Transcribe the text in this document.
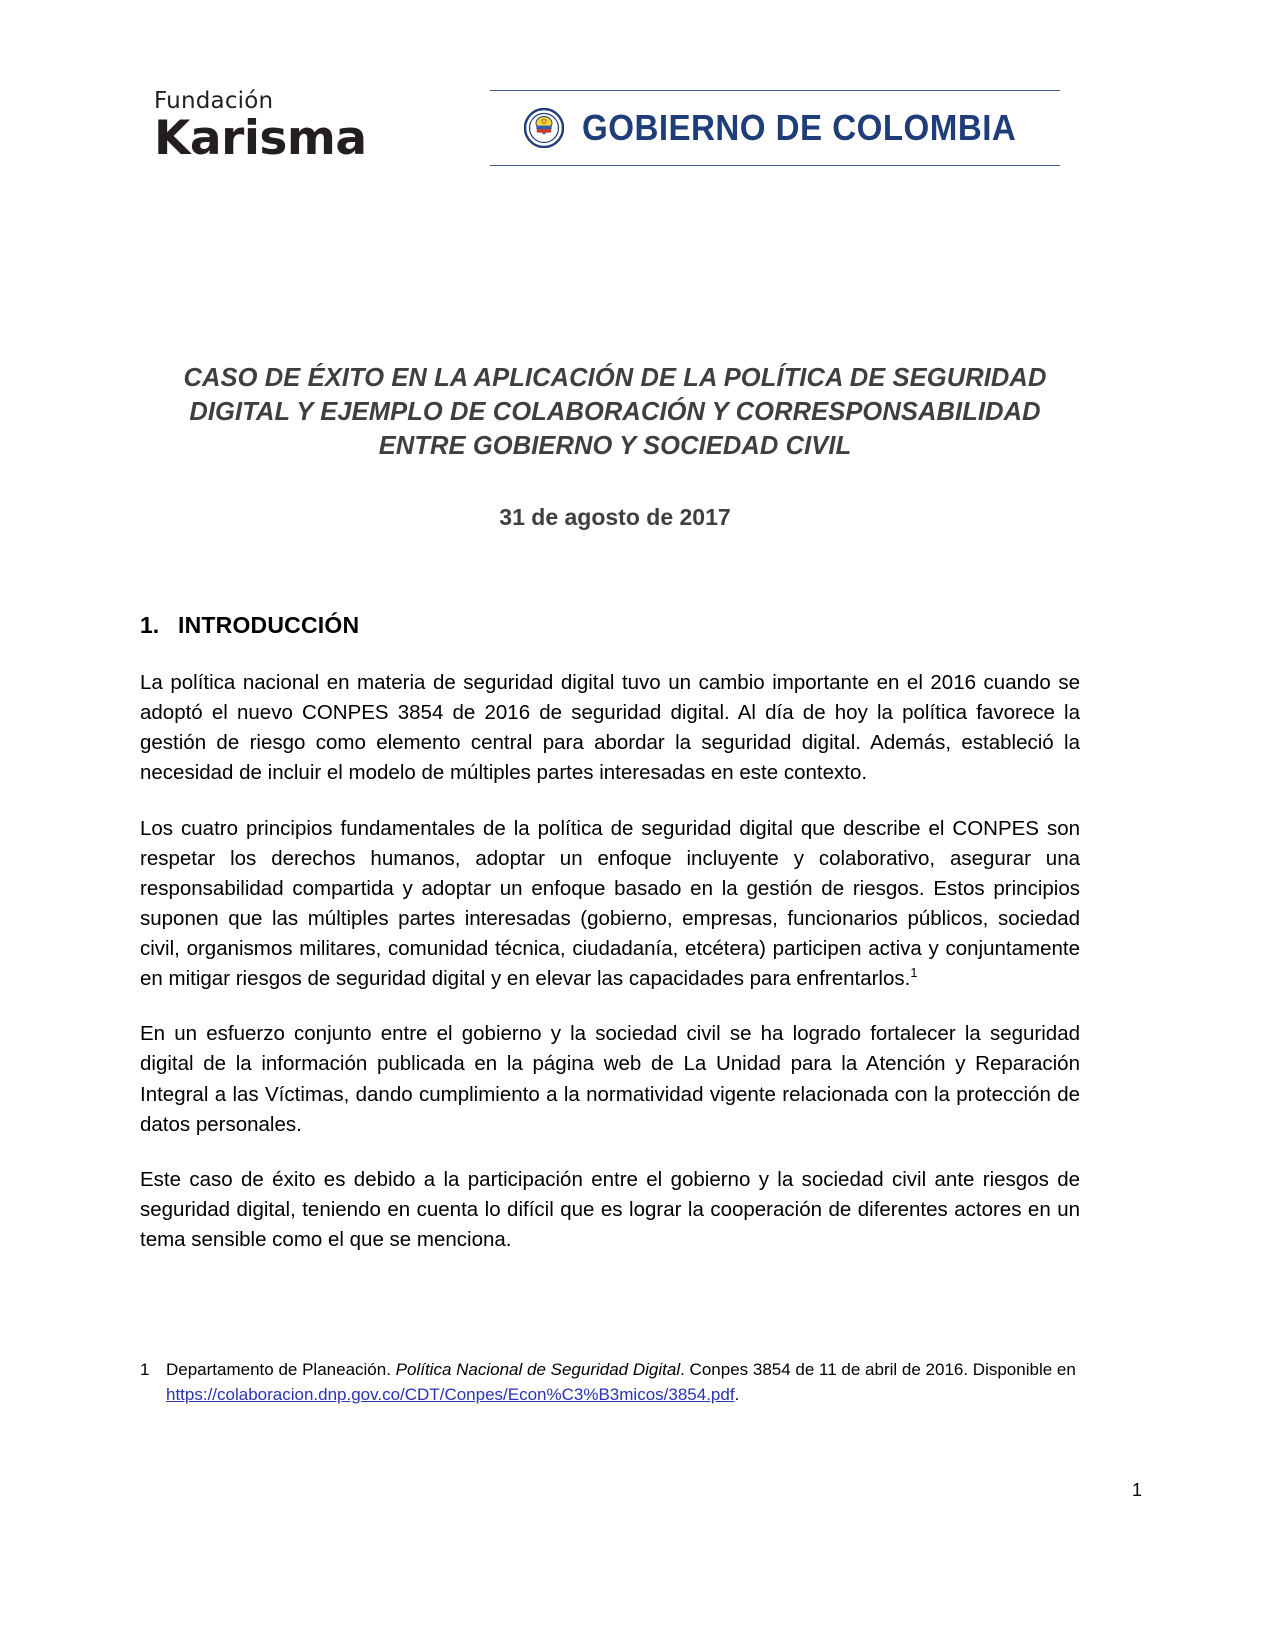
Fundación
Karisma	GOBIERNO DE COLOMBIA
CASO DE ÉXITO EN LA APLICACIÓN DE LA POLÍTICA DE SEGURIDAD
DIGITAL Y EJEMPLO DE COLABORACIÓN Y CORRESPONSABILIDAD
ENTRE GOBIERNO Y SOCIEDAD CIVIL
31 de agosto de 2017
1. INTRODUCCIÓN

La política nacional en materia de seguridad digital tuvo un cambio importante en el 2016 cuando se adoptó el nuevo CONPES 3854 de 2016 de seguridad digital. Al día de hoy la política favorece la gestión de riesgo como elemento central para abordar la seguridad digital. Además, estableció la necesidad de incluir el modelo de múltiples partes interesadas en este contexto.

Los cuatro principios fundamentales de la política de seguridad digital que describe el CONPES son respetar los derechos humanos, adoptar un enfoque incluyente y colaborativo, asegurar una responsabilidad compartida y adoptar un enfoque basado en la gestión de riesgos. Estos principios suponen que las múltiples partes interesadas (gobierno, empresas, funcionarios públicos, sociedad civil, organismos militares, comunidad técnica, ciudadanía, etcétera) participen activa y conjuntamente en mitigar riesgos de seguridad digital y en elevar las capacidades para enfrentarlos.$^1$

En un esfuerzo conjunto entre el gobierno y la sociedad civil se ha logrado fortalecer la seguridad digital de la información publicada en la página web de La Unidad para la Atención y Reparación Integral a las Víctimas, dando cumplimiento a la normatividad vigente relacionada con la protección de datos personales.

Este caso de éxito es debido a la participación entre el gobierno y la sociedad civil ante riesgos de seguridad digital, teniendo en cuenta lo difícil que es lograr la cooperación de diferentes actores en un tema sensible como el que se menciona.

1 Departamento de Planeación. Política Nacional de Seguridad Digital. Conpes 3854 de 11 de abril de 2016. Disponible en https://colaboracion.dnp.gov.co/CDT/Conpes/Econ%C3%B3micos/3854.pdf.
1
